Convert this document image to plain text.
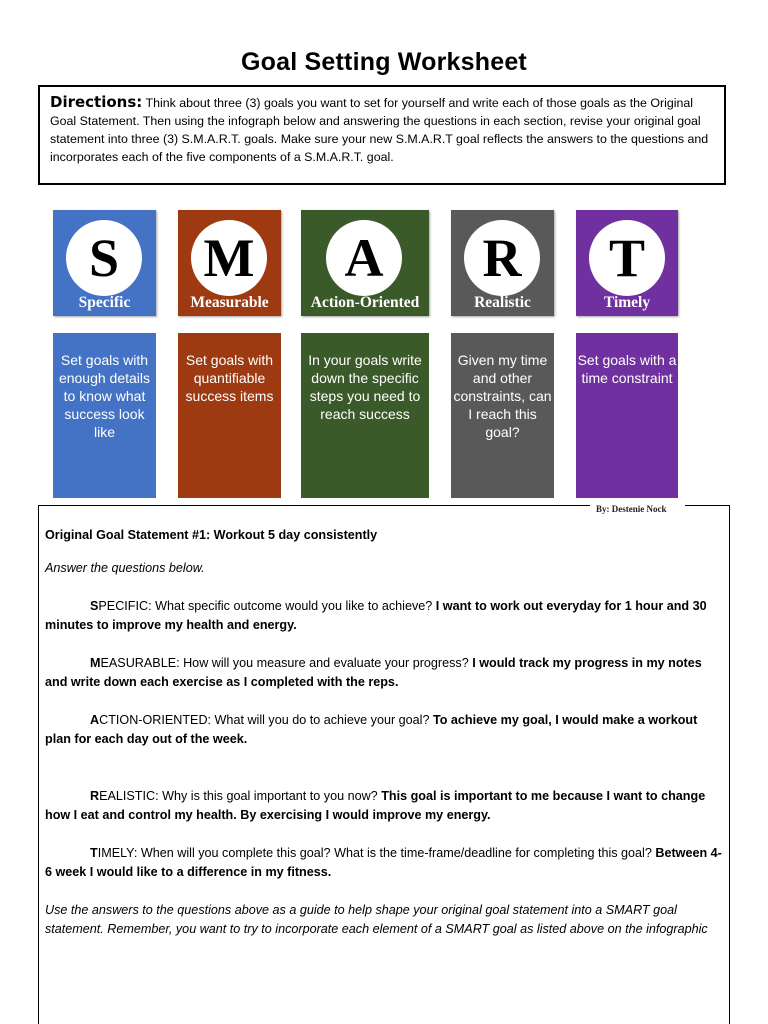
Goal Setting Worksheet
Directions: Think about three (3) goals you want to set for yourself and write each of those goals as the Original Goal Statement. Then using the infograph below and answering the questions in each section, revise your original goal statement into three (3) S.M.A.R.T. goals. Make sure your new S.M.A.R.T goal reflects the answers to the questions and incorporates each of the five components of a S.M.A.R.T. goal.
S
Specific
M
Measurable
A
Action-Oriented
R
Realistic
T
Timely
Set goals with enough details to know what success look like
Set goals with quantifiable success items
In your goals write down the specific steps you need to reach success
Given my time and other constraints, can I reach this goal?
Set goals with a time constraint
By: Destenie Nock

Original Goal Statement #1: Workout 5 day consistently

Answer the questions below.

SPECIFIC: What specific outcome would you like to achieve? I want to work out everyday for 1 hour and 30 minutes to improve my health and energy.

MEASURABLE: How will you measure and evaluate your progress? I would track my progress in my notes and write down each exercise as I completed with the reps.

ACTION-ORIENTED: What will you do to achieve your goal? To achieve my goal, I would make a workout plan for each day out of the week.

REALISTIC: Why is this goal important to you now? This goal is important to me because I want to change how I eat and control my health. By exercising I would improve my energy.

TIMELY: When will you complete this goal? What is the time-frame/deadline for completing this goal? Between 4-6 week I would like to a difference in my fitness.

Use the answers to the questions above as a guide to help shape your original goal statement into a SMART goal statement. Remember, you want to try to incorporate each element of a SMART goal as listed above on the infographic
